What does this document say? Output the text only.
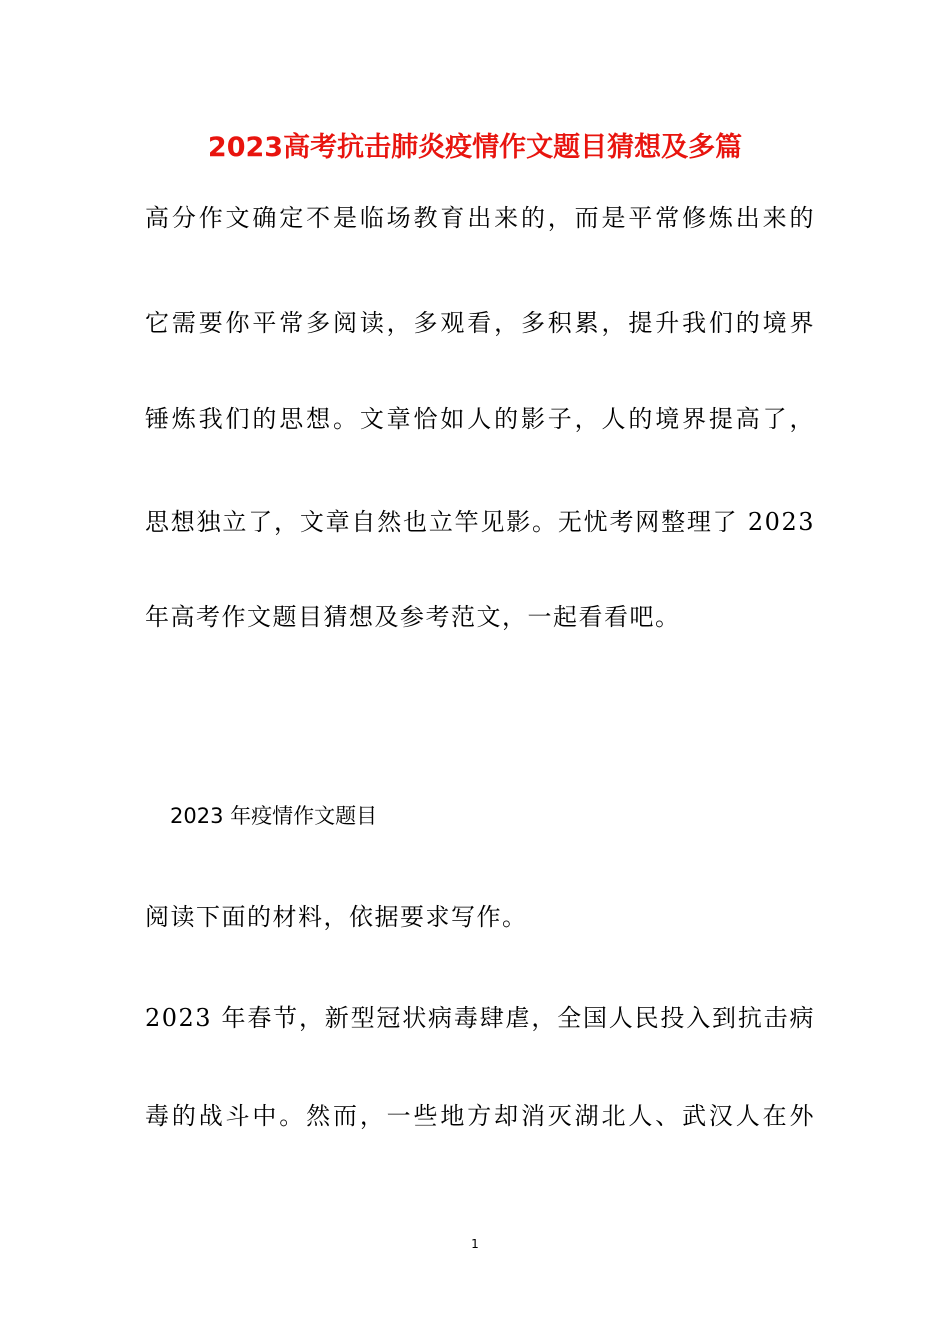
2023高考抗击肺炎疫情作文题目猜想及多篇
高分作文确定不是临场教育出来的，而是平常修炼出来的
它需要你平常多阅读，多观看，多积累，提升我们的境界
锤炼我们的思想。文章恰如人的影子，人的境界提高了，
思想独立了，文章自然也立竿见影。无忧考网整理了 2023
年高考作文题目猜想及参考范文，一起看看吧。
2023 年疫情作文题目
阅读下面的材料，依据要求写作。
2023 年春节，新型冠状病毒肆虐，全国人民投入到抗击病
毒的战斗中。然而，一些地方却消灭湖北人、武汉人在外
1
